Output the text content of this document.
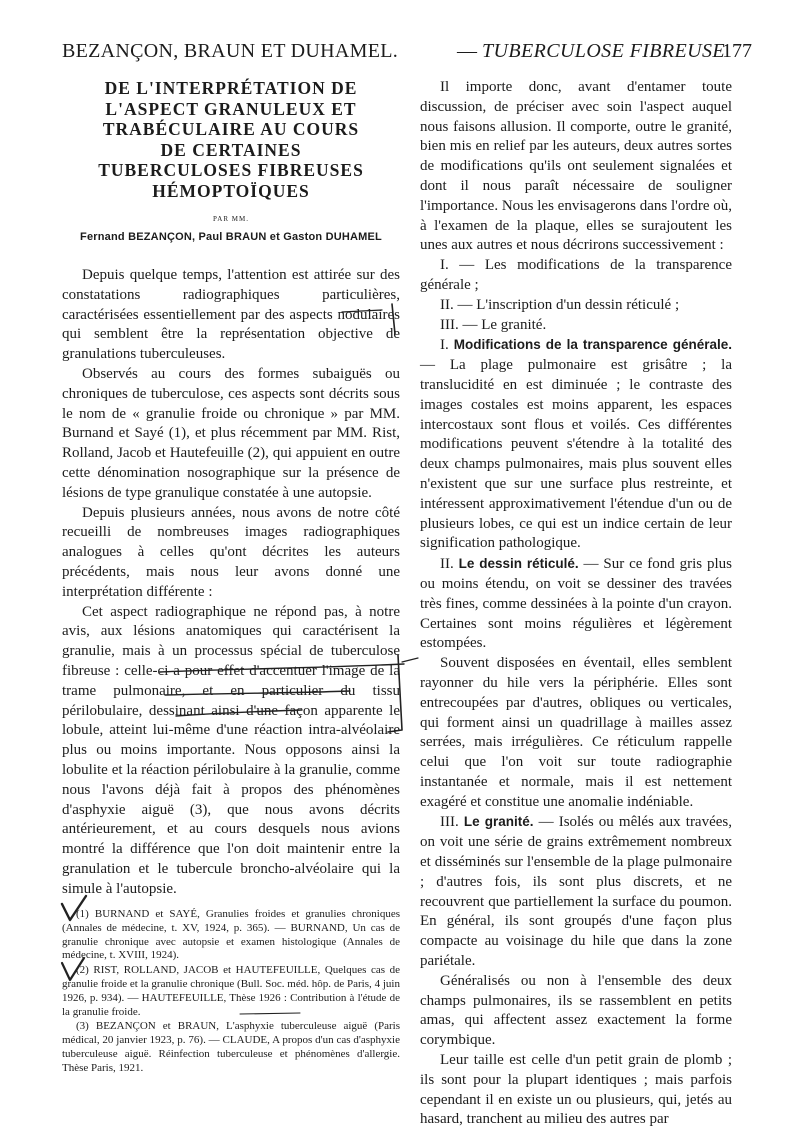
BEZANÇON, BRAUN ET DUHAMEL.	— TUBERCULOSE FIBREUSE
177
DE L'INTERPRÉTATION DE
L'ASPECT GRANULEUX ET
TRABÉCULAIRE AU COURS
DE CERTAINES
TUBERCULOSES FIBREUSES
HÉMOPTOÏQUES
PAR MM.
Fernand BEZANÇON, Paul BRAUN et Gaston DUHAMEL

Depuis quelque temps, l'attention est attirée sur des constatations radiographiques particulières, caractérisées essentiellement par des aspects nodulaires qui semblent être la représentation objective de granulations tuberculeuses.

Observés au cours des formes subaiguës ou chroniques de tuberculose, ces aspects sont décrits sous le nom de « granulie froide ou chronique » par MM. Burnand et Sayé (1), et plus récemment par MM. Rist, Rolland, Jacob et Hautefeuille (2), qui appuient en outre cette dénomination nosographique sur la présence de lésions de type granulique constatée à une autopsie.

Depuis plusieurs années, nous avons de notre côté recueilli de nombreuses images radiographiques analogues à celles qu'ont décrites les auteurs précédents, mais nous leur avons donné une interprétation différente :

Cet aspect radiographique ne répond pas, à notre avis, aux lésions anatomiques qui caractérisent la granulie, mais à un processus spécial de tuberculose fibreuse : celle-ci a pour effet d'accentuer l'image de la trame pulmonaire, et en particulier du tissu périlobulaire, dessinant ainsi d'une façon apparente le lobule, atteint lui-même d'une réaction intra-alvéolaire plus ou moins importante. Nous opposons ainsi la lobulite et la réaction périlobulaire à la granulie, comme nous l'avons déjà fait à propos des phénomènes d'asphyxie aiguë (3), que nous avons décrits antérieurement, et au cours desquels nous avions montré la différence que l'on doit maintenir entre la granulation et le tubercule broncho-alvéolaire qui la simule à l'autopsie.

(1) BURNAND et SAYÉ, Granulies froides et granulies chroniques (Annales de médecine, t. XV, 1924, p. 365). — BURNAND, Un cas de granulie chronique avec autopsie et examen histologique (Annales de médecine, t. XVIII, 1924).

(2) RIST, ROLLAND, JACOB et HAUTEFEUILLE, Quelques cas de granulie froide et la granulie chronique (Bull. Soc. méd. hôp. de Paris, 4 juin 1926, p. 934). — HAUTEFEUILLE, Thèse 1926 : Contribution à l'étude de la granulie froide.

(3) BEZANÇON et BRAUN, L'asphyxie tuberculeuse aiguë (Paris médical, 20 janvier 1923, p. 76). — CLAUDE, A propos d'un cas d'asphyxie tuberculeuse aiguë. Réinfection tuberculeuse et phénomènes d'allergie. Thèse Paris, 1921.

Il importe donc, avant d'entamer toute discussion, de préciser avec soin l'aspect auquel nous faisons allusion. Il comporte, outre le granité, bien mis en relief par les auteurs, deux autres sortes de modifications qu'ils ont seulement signalées et dont il nous paraît nécessaire de souligner l'importance. Nous les envisagerons dans l'ordre où, à l'examen de la plaque, elles se surajoutent les unes aux autres et nous décrirons successivement :

I. — Les modifications de la transparence générale ;

II. — L'inscription d'un dessin réticulé ;

III. — Le granité.

I. Modifications de la transparence générale. — La plage pulmonaire est grisâtre ; la translucidité en est diminuée ; le contraste des images costales est moins apparent, les espaces intercostaux sont flous et voilés. Ces différentes modifications peuvent s'étendre à la totalité des deux champs pulmonaires, mais plus souvent elles n'existent que sur une surface plus restreinte, et intéressent approximativement l'étendue d'un ou de plusieurs lobes, ce qui est un indice certain de leur signification pathologique.

II. Le dessin réticulé. — Sur ce fond gris plus ou moins étendu, on voit se dessiner des travées très fines, comme dessinées à la pointe d'un crayon. Certaines sont moins régulières et légèrement estompées.

Souvent disposées en éventail, elles semblent rayonner du hile vers la périphérie. Elles sont entrecoupées par d'autres, obliques ou verticales, qui forment ainsi un quadrillage à mailles assez serrées, mais irrégulières. Ce réticulum rappelle celui que l'on voit sur toute radiographie instantanée et normale, mais il est nettement exagéré et constitue une anomalie indéniable.

III. Le granité. — Isolés ou mêlés aux travées, on voit une série de grains extrêmement nombreux et disséminés sur l'ensemble de la plage pulmonaire ; d'autres fois, ils sont plus discrets, et ne recouvrent que partiellement la surface du poumon. En général, ils sont groupés d'une façon plus compacte au voisinage du hile que dans la zone pariétale.

Généralisés ou non à l'ensemble des deux champs pulmonaires, ils se rassemblent en petits amas, qui affectent assez exactement la forme corymbique.

Leur taille est celle d'un petit grain de plomb ; ils sont pour la plupart identiques ; mais parfois cependant il en existe un ou plusieurs, qui, jetés au hasard, tranchent au milieu des autres par
